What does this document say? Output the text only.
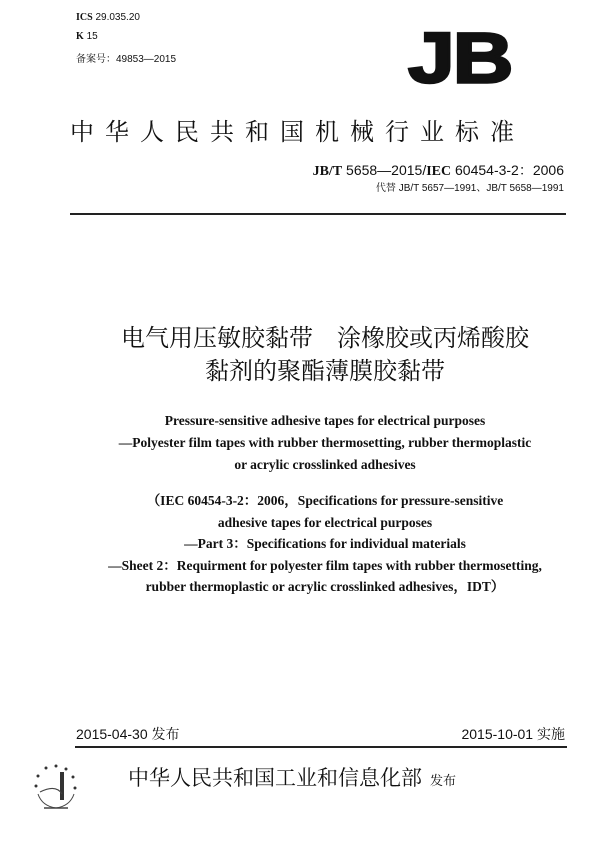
ICS 29.035.20
K 15
备案号：49853—2015	JB
中华人民共和国机械行业标准
JB/T 5658—2015/IEC 60454-3-2：2006
代替 JB/T 5657—1991、JB/T 5658—1991
电气用压敏胶黏带　涂橡胶或丙烯酸胶
黏剂的聚酯薄膜胶黏带
Pressure-sensitive adhesive tapes for electrical purposes
—Polyester film tapes with rubber thermosetting, rubber thermoplastic
or acrylic crosslinked adhesives
（IEC 60454-3-2：2006，Specifications for pressure-sensitive
adhesive tapes for electrical purposes
—Part 3：Specifications for individual materials
—Sheet 2：Requirment for polyester film tapes with rubber thermosetting,
rubber thermoplastic or acrylic crosslinked adhesives，IDT）
2015-04-30 发布	2015-10-01 实施
中华人民共和国工业和信息化部 发布
